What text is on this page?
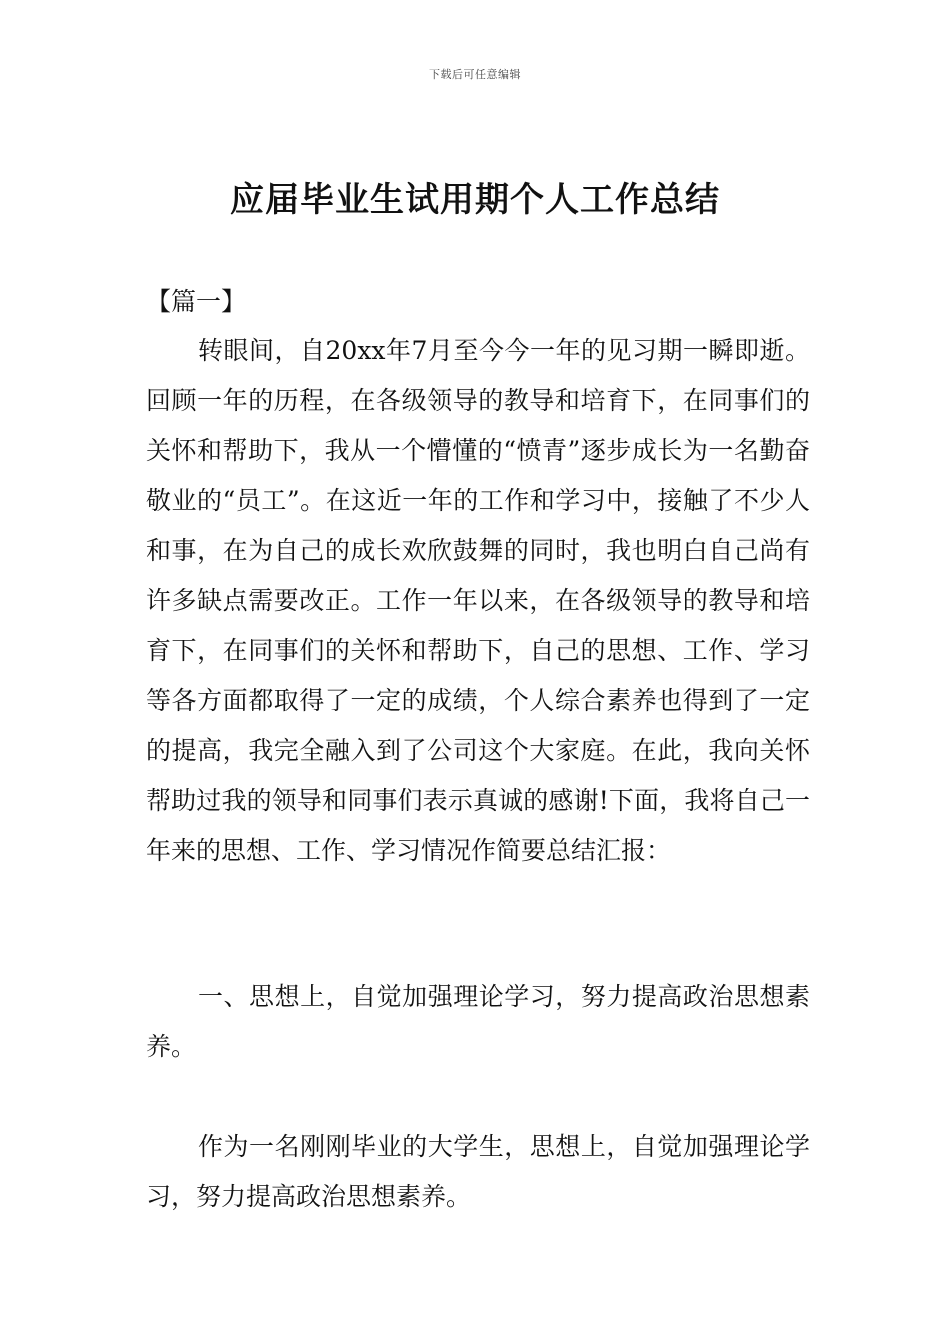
下载后可任意编辑
应届毕业生试用期个人工作总结
【篇一】

转眼间，自20xx年7月至今今一年的见习期一瞬即逝。回顾一年的历程，在各级领导的教导和培育下，在同事们的关怀和帮助下，我从一个懵懂的“愤青”逐步成长为一名勤奋敬业的“员工”。在这近一年的工作和学习中，接触了不少人和事，在为自己的成长欢欣鼓舞的同时，我也明白自己尚有许多缺点需要改正。工作一年以来，在各级领导的教导和培育下，在同事们的关怀和帮助下，自己的思想、工作、学习等各方面都取得了一定的成绩，个人综合素养也得到了一定的提高，我完全融入到了公司这个大家庭。在此，我向关怀帮助过我的领导和同事们表示真诚的感谢!下面，我将自己一年来的思想、工作、学习情况作简要总结汇报：

一、思想上，自觉加强理论学习，努力提高政治思想素养。

作为一名刚刚毕业的大学生，思想上，自觉加强理论学习，努力提高政治思想素养。
